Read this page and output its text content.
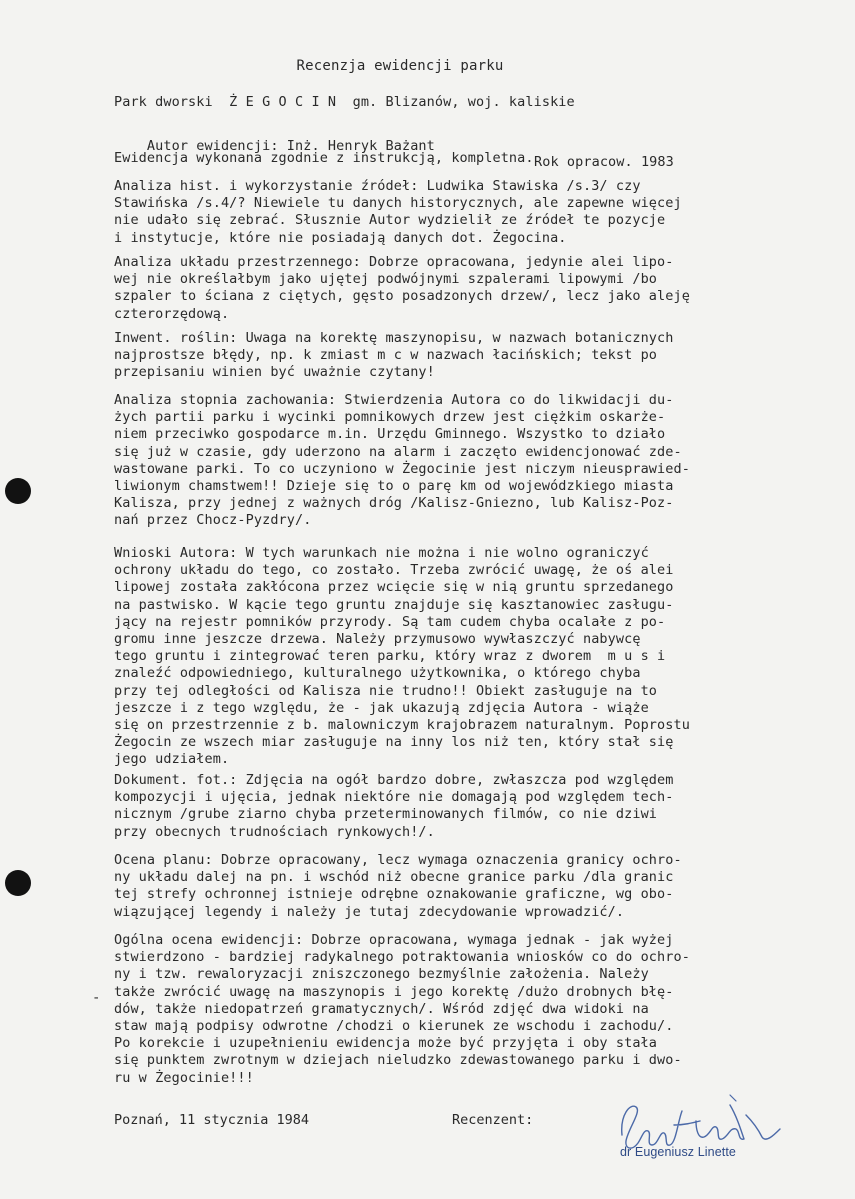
Recenzja ewidencji parku
Park dworski  Ż E G O C I N  gm. Blizanów, woj. kaliskie

Autor ewidencji: Inż. Henryk Bażant

Rok opracow. 1983

Ewidencja wykonana zgodnie z instrukcją, kompletna.
Analiza hist. i wykorzystanie źródeł: Ludwika Stawiska /s.3/ czy
Stawińska /s.4/? Niewiele tu danych historycznych, ale zapewne więcej
nie udało się zebrać. Słusznie Autor wydzielił ze źródeł te pozycje
i instytucje, które nie posiadają danych dot. Żegocina.
Analiza układu przestrzennego: Dobrze opracowana, jedynie alei lipo-
wej nie określałbym jako ujętej podwójnymi szpalerami lipowymi /bo
szpaler to ściana z ciętych, gęsto posadzonych drzew/, lecz jako aleję
czterorzędową.
Inwent. roślin: Uwaga na korektę maszynopisu, w nazwach botanicznych
najprostsze błędy, np. k zmiast m c w nazwach łacińskich; tekst po
przepisaniu winien być uważnie czytany!
Analiza stopnia zachowania: Stwierdzenia Autora co do likwidacji du-
żych partii parku i wycinki pomnikowych drzew jest ciężkim oskarże-
niem przeciwko gospodarce m.in. Urzędu Gminnego. Wszystko to działo
się już w czasie, gdy uderzono na alarm i zaczęto ewidencjonować zde-
wastowane parki. To co uczyniono w Żegocinie jest niczym nieusprawied-
liwionym chamstwem!! Dzieje się to o parę km od wojewódzkiego miasta
Kalisza, przy jednej z ważnych dróg /Kalisz-Gniezno, lub Kalisz-Poz-
nań przez Chocz-Pyzdry/.
Wnioski Autora: W tych warunkach nie można i nie wolno ograniczyć
ochrony układu do tego, co zostało. Trzeba zwrócić uwagę, że oś alei
lipowej została zakłócona przez wcięcie się w nią gruntu sprzedanego
na pastwisko. W kącie tego gruntu znajduje się kasztanowiec zasługu-
jący na rejestr pomników przyrody. Są tam cudem chyba ocalałe z po-
gromu inne jeszcze drzewa. Należy przymusowo wywłaszczyć nabywcę
tego gruntu i zintegrować teren parku, który wraz z dworem  m u s i
znaleźć odpowiedniego, kulturalnego użytkownika, o którego chyba
przy tej odległości od Kalisza nie trudno!! Obiekt zasługuje na to
jeszcze i z tego względu, że - jak ukazują zdjęcia Autora - wiąże
się on przestrzennie z b. malowniczym krajobrazem naturalnym. Poprostu
Żegocin ze wszech miar zasługuje na inny los niż ten, który stał się
jego udziałem.
Dokument. fot.: Zdjęcia na ogół bardzo dobre, zwłaszcza pod względem
kompozycji i ujęcia, jednak niektóre nie domagają pod względem tech-
nicznym /grube ziarno chyba przeterminowanych filmów, co nie dziwi
przy obecnych trudnościach rynkowych!/.
Ocena planu: Dobrze opracowany, lecz wymaga oznaczenia granicy ochro-
ny układu dalej na pn. i wschód niż obecne granice parku /dla granic
tej strefy ochronnej istnieje odrębne oznakowanie graficzne, wg obo-
wiązującej legendy i należy je tutaj zdecydowanie wprowadzić/.
Ogólna ocena ewidencji: Dobrze opracowana, wymaga jednak - jak wyżej
stwierdzono - bardziej radykalnego potraktowania wniosków co do ochro-
ny i tzw. rewaloryzacji zniszczonego bezmyślnie założenia. Należy
także zwrócić uwagę na maszynopis i jego korektę /dużo drobnych błę-
dów, także niedopatrzeń gramatycznych/. Wśród zdjęć dwa widoki na
staw mają podpisy odwrotne /chodzi o kierunek ze wschodu i zachodu/.
Po korekcie i uzupełnieniu ewidencja może być przyjęta i oby stała
się punktem zwrotnym w dziejach nieludzko zdewastowanego parku i dwo-
ru w Żegocinie!!!
-
Poznań, 11 stycznia 1984	Recenzent:
dr Eugeniusz Linette
